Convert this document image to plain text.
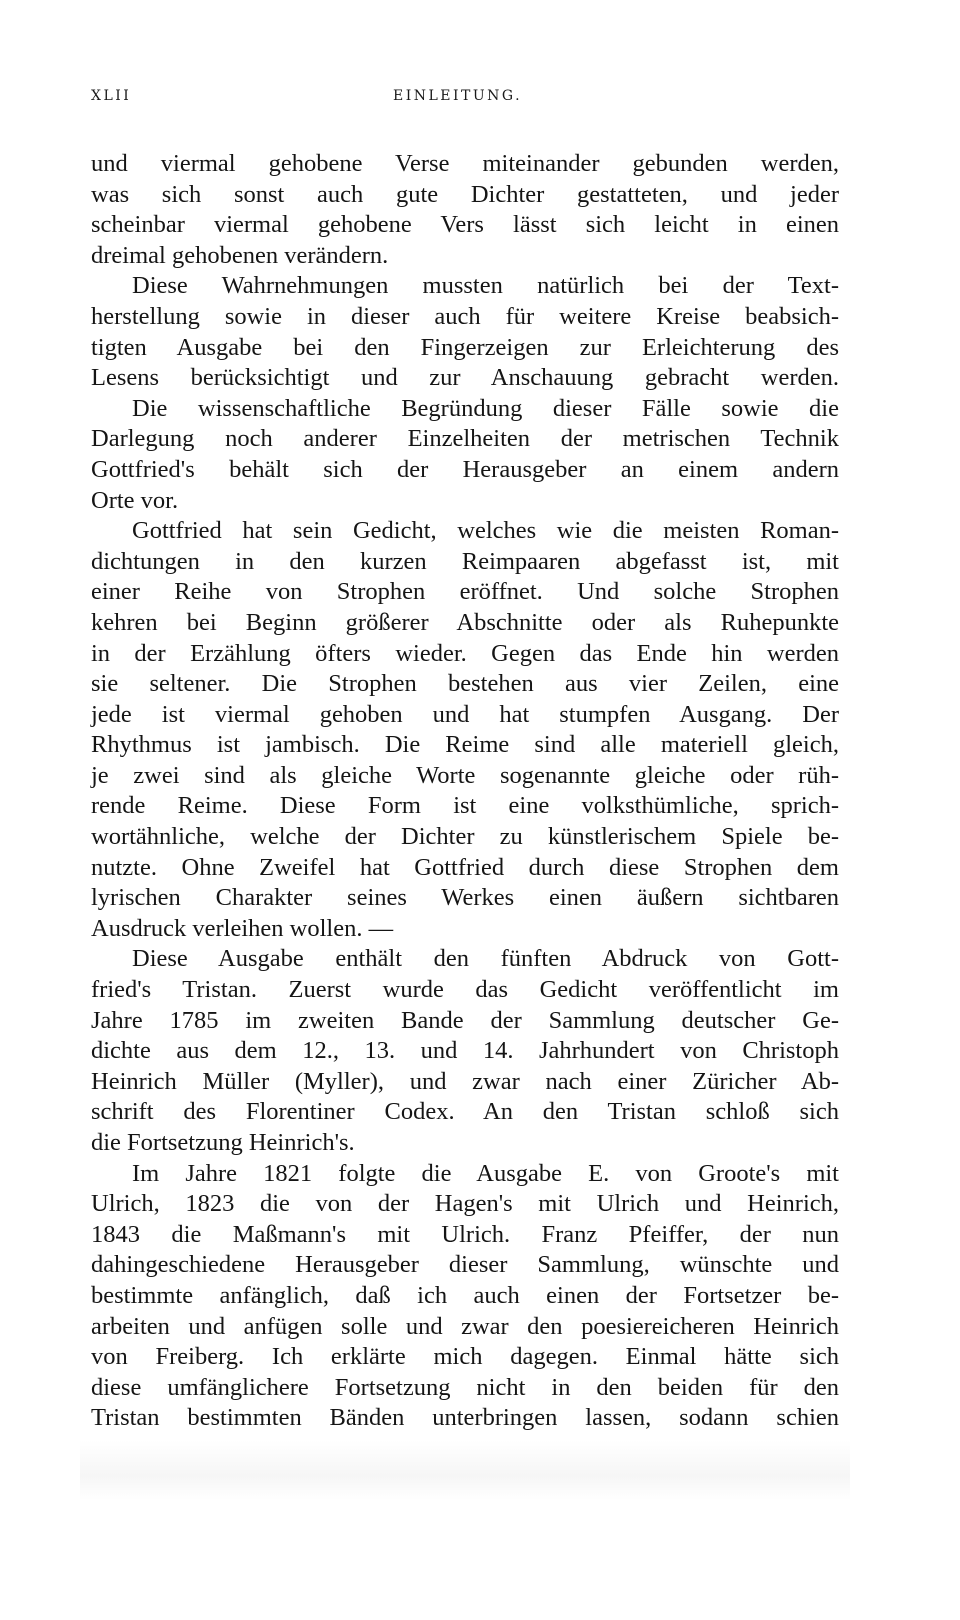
XLII	EINLEITUNG.
und viermal gehobene Verse miteinander gebunden werden,
was sich sonst auch gute Dichter gestatteten, und jeder
scheinbar viermal gehobene Vers lässt sich leicht in einen
dreimal gehobenen verändern.
Diese Wahrnehmungen mussten natürlich bei der Text-
herstellung sowie in dieser auch für weitere Kreise beabsich-
tigten Ausgabe bei den Fingerzeigen zur Erleichterung des
Lesens berücksichtigt und zur Anschauung gebracht werden.
Die wissenschaftliche Begründung dieser Fälle sowie die
Darlegung noch anderer Einzelheiten der metrischen Technik
Gottfried's behält sich der Herausgeber an einem andern
Orte vor.
Gottfried hat sein Gedicht, welches wie die meisten Roman-
dichtungen in den kurzen Reimpaaren abgefasst ist, mit
einer Reihe von Strophen eröffnet. Und solche Strophen
kehren bei Beginn größerer Abschnitte oder als Ruhepunkte
in der Erzählung öfters wieder. Gegen das Ende hin werden
sie seltener. Die Strophen bestehen aus vier Zeilen, eine
jede ist viermal gehoben und hat stumpfen Ausgang. Der
Rhythmus ist jambisch. Die Reime sind alle materiell gleich,
je zwei sind als gleiche Worte sogenannte gleiche oder rüh-
rende Reime. Diese Form ist eine volksthümliche, sprich-
wortähnliche, welche der Dichter zu künstlerischem Spiele be-
nutzte. Ohne Zweifel hat Gottfried durch diese Strophen dem
lyrischen Charakter seines Werkes einen äußern sichtbaren
Ausdruck verleihen wollen. —
Diese Ausgabe enthält den fünften Abdruck von Gott-
fried's Tristan. Zuerst wurde das Gedicht veröffentlicht im
Jahre 1785 im zweiten Bande der Sammlung deutscher Ge-
dichte aus dem 12., 13. und 14. Jahrhundert von Christoph
Heinrich Müller (Myller), und zwar nach einer Züricher Ab-
schrift des Florentiner Codex. An den Tristan schloß sich
die Fortsetzung Heinrich's.
Im Jahre 1821 folgte die Ausgabe E. von Groote's mit
Ulrich, 1823 die von der Hagen's mit Ulrich und Heinrich,
1843 die Maßmann's mit Ulrich. Franz Pfeiffer, der nun
dahingeschiedene Herausgeber dieser Sammlung, wünschte und
bestimmte anfänglich, daß ich auch einen der Fortsetzer be-
arbeiten und anfügen solle und zwar den poesiereicheren Heinrich
von Freiberg. Ich erklärte mich dagegen. Einmal hätte sich
diese umfänglichere Fortsetzung nicht in den beiden für den
Tristan bestimmten Bänden unterbringen lassen, sodann schien
